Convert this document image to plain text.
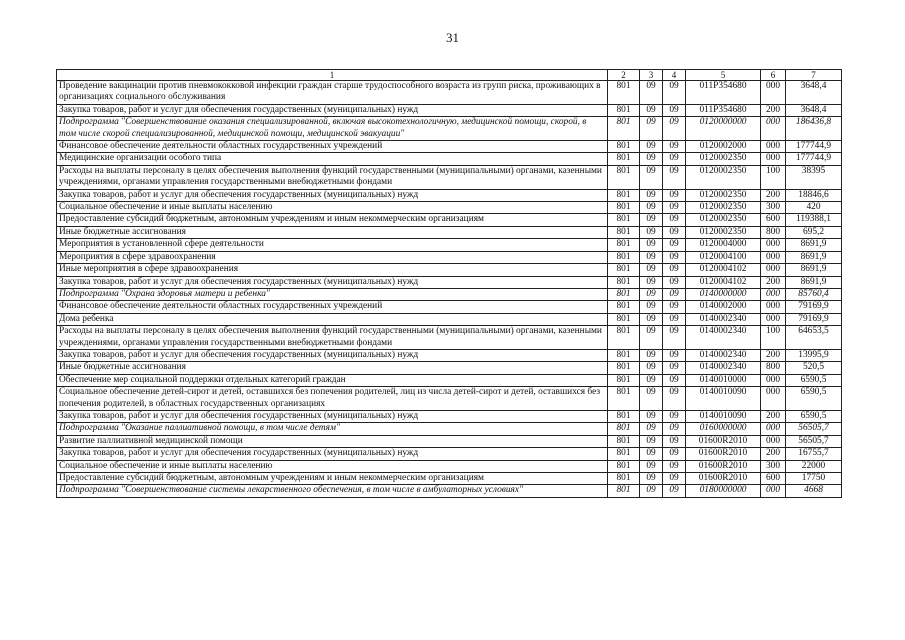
31
1	2	3	4	5	6	7
Проведение вакцинации против пневмококковой инфекции граждан старше трудоспособного возраста из групп риска, проживающих в организациях социального обслуживания	801	09	09	011P354680	000	3648,4
Закупка товаров, работ и услуг для обеспечения государственных (муниципальных) нужд	801	09	09	011P354680	200	3648,4
Подпрограмма "Совершенствование оказания специализированной, включая высокотехнологичную, медицинской помощи, скорой, в том числе скорой специализированной, медицинской помощи, медицинской эвакуации"	801	09	09	0120000000	000	186436,8
Финансовое обеспечение деятельности областных государственных учреждений	801	09	09	0120002000	000	177744,9
Медицинские организации особого типа	801	09	09	0120002350	000	177744,9
Расходы на выплаты персоналу в целях обеспечения выполнения функций государственными (муниципальными) органами, казенными учреждениями, органами управления государственными внебюджетными фондами	801	09	09	0120002350	100	38395
Закупка товаров, работ и услуг для обеспечения государственных (муниципальных) нужд	801	09	09	0120002350	200	18846,6
Социальное обеспечение и иные выплаты населению	801	09	09	0120002350	300	420
Предоставление субсидий бюджетным, автономным учреждениям и иным некоммерческим организациям	801	09	09	0120002350	600	119388,1
Иные бюджетные ассигнования	801	09	09	0120002350	800	695,2
Мероприятия в установленной сфере деятельности	801	09	09	0120004000	000	8691,9
Мероприятия в сфере здравоохранения	801	09	09	0120004100	000	8691,9
Иные мероприятия в сфере здравоохранения	801	09	09	0120004102	000	8691,9
Закупка товаров, работ и услуг для обеспечения государственных (муниципальных) нужд	801	09	09	0120004102	200	8691,9
Подпрограмма "Охрана здоровья матери и ребенка"	801	09	09	0140000000	000	85760,4
Финансовое обеспечение деятельности областных государственных учреждений	801	09	09	0140002000	000	79169,9
Дома ребенка	801	09	09	0140002340	000	79169,9
Расходы на выплаты персоналу в целях обеспечения выполнения функций государственными (муниципальными) органами, казенными учреждениями, органами управления государственными внебюджетными фондами	801	09	09	0140002340	100	64653,5
Закупка товаров, работ и услуг для обеспечения государственных (муниципальных) нужд	801	09	09	0140002340	200	13995,9
Иные бюджетные ассигнования	801	09	09	0140002340	800	520,5
Обеспечение мер социальной поддержки отдельных категорий граждан	801	09	09	0140010000	000	6590,5
Социальное обеспечение детей-сирот и детей, оставшихся без попечения родителей, лиц из числа детей-сирот и детей, оставшихся без попечения родителей, в областных государственных организациях	801	09	09	0140010090	000	6590,5
Закупка товаров, работ и услуг для обеспечения государственных (муниципальных) нужд	801	09	09	0140010090	200	6590,5
Подпрограмма "Оказание паллиативной помощи, в том числе детям"	801	09	09	0160000000	000	56505,7
Развитие паллиативной медицинской помощи	801	09	09	01600R2010	000	56505,7
Закупка товаров, работ и услуг для обеспечения государственных (муниципальных) нужд	801	09	09	01600R2010	200	16755,7
Социальное обеспечение и иные выплаты населению	801	09	09	01600R2010	300	22000
Предоставление субсидий бюджетным, автономным учреждениям и иным некоммерческим организациям	801	09	09	01600R2010	600	17750
Подпрограмма "Совершенствование системы лекарственного обеспечения, в том числе в амбулаторных условиях"	801	09	09	0180000000	000	4668
